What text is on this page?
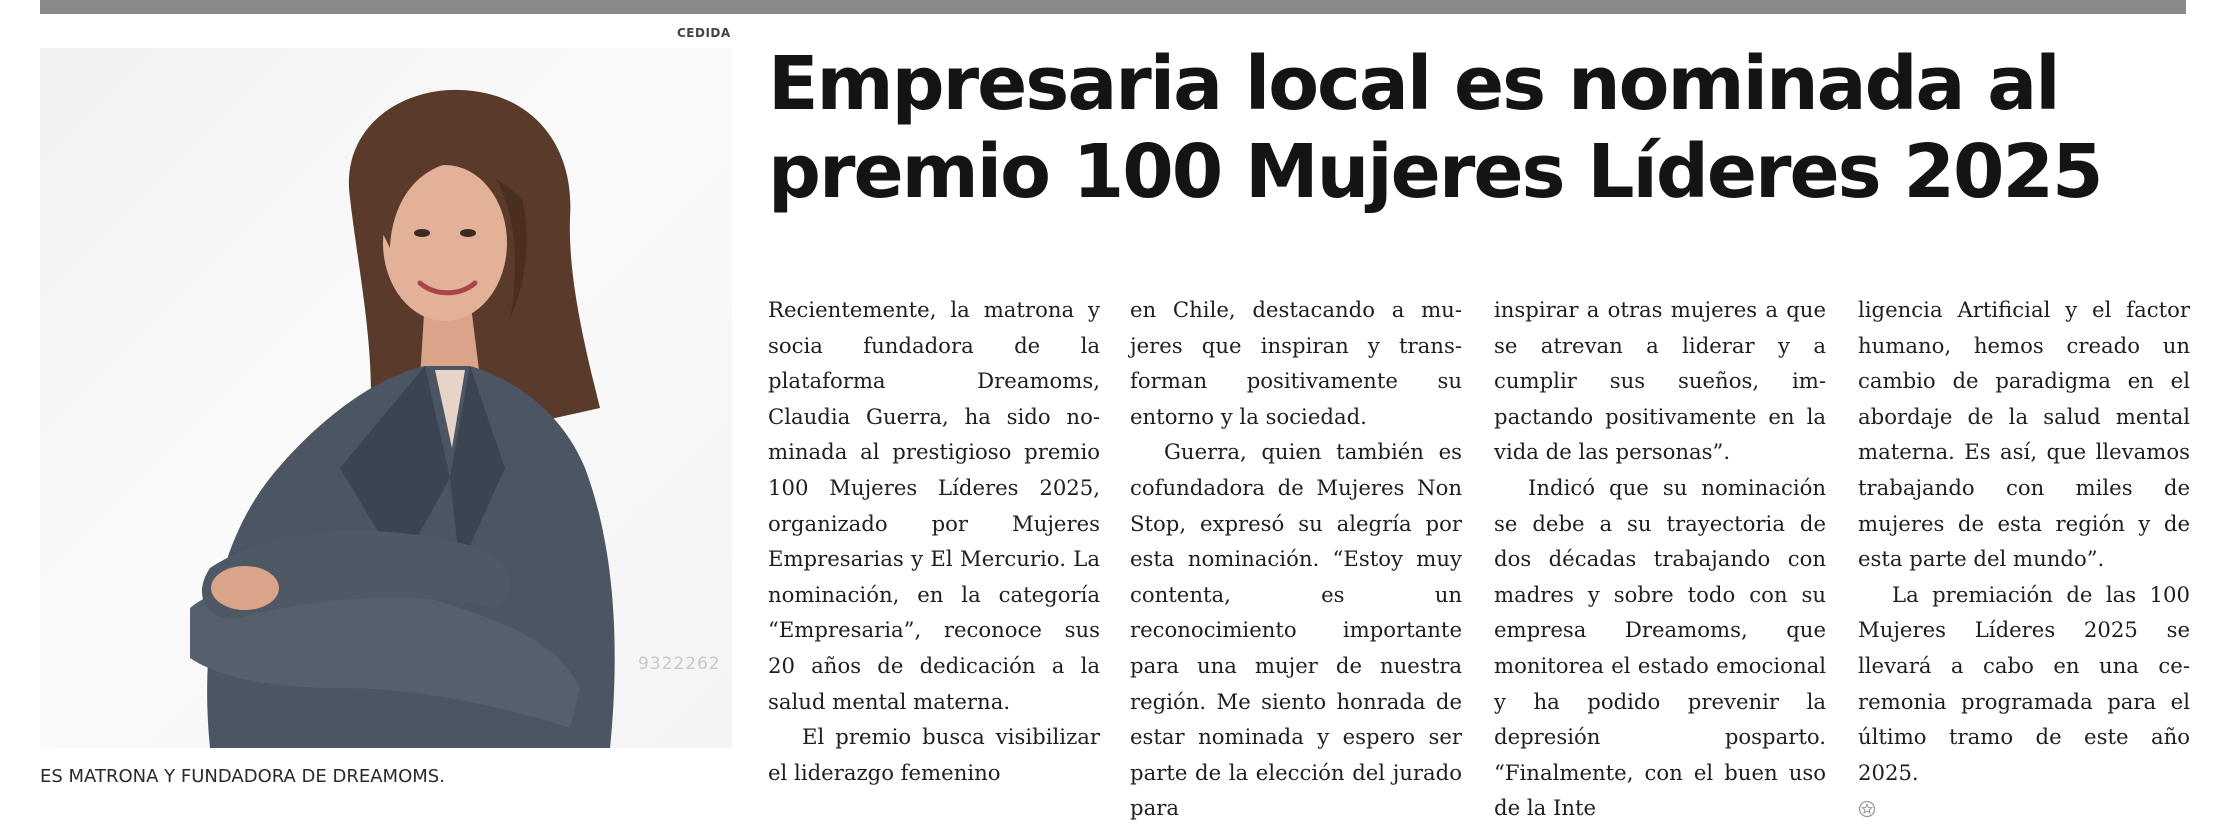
CEDIDA
9322262
ES MATRONA Y FUNDADORA DE DREAMOMS.
Empresaria local es nominada al
premio 100 Mujeres Líderes 2025

Recientemente, la matrona y socia fundadora de la plataforma Dreamoms, Claudia Guerra, ha sido nominada al prestigioso premio 100 Mujeres Líderes 2025, organizado por Mujeres Empresarias y El Mercurio. La nominación, en la categoría “Empresaria”, reconoce sus 20 años de dedicación a la salud mental materna.

El premio busca visibilizar el liderazgo femenino

en Chile, destacando a mujeres que inspiran y transforman positivamente su entorno y la sociedad.

Guerra, quien también es cofundadora de Mujeres Non Stop, expresó su alegría por esta nominación. “Estoy muy contenta, es un reconocimiento importante para una mujer de nuestra región. Me siento honrada de estar nominada y espero ser parte de la elección del jurado para

inspirar a otras mujeres a que se atrevan a liderar y a cumplir sus sueños, impactando positivamente en la vida de las personas”.

Indicó que su nominación se debe a su trayectoria de dos décadas trabajando con madres y sobre todo con su empresa Dreamoms, que monitorea el estado emocional y ha podido prevenir la depresión posparto. “Finalmente, con el buen uso de la Inte

ligencia Artificial y el factor humano, hemos creado un cambio de paradigma en el abordaje de la salud mental materna. Es así, que llevamos trabajando con miles de mujeres de esta región y de esta parte del mundo”.

La premiación de las 100 Mujeres Líderes 2025 se llevará a cabo en una ceremonia programada para el último tramo de este año 2025.
